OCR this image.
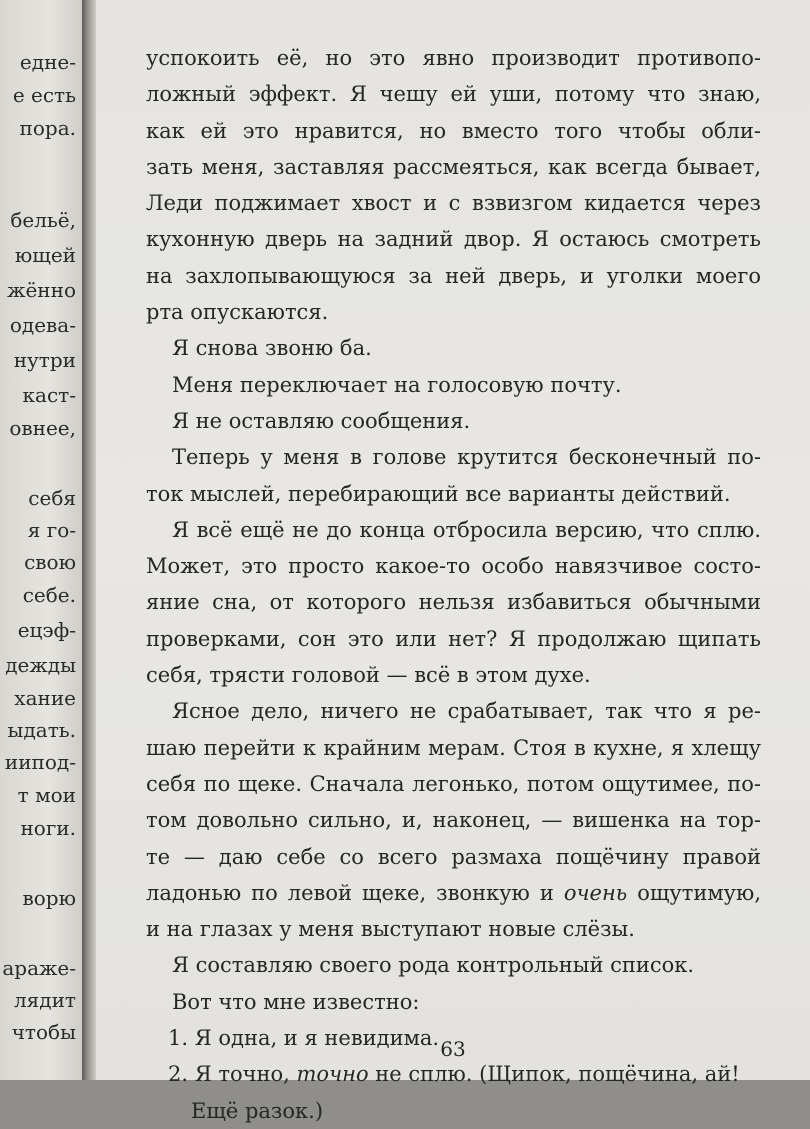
едне-
е есть
пора.
бельё,
ющей
жённо
одева-
нутри
каст-
овнее,
себя
я го-
свою
себе.
ецэф-
дежды
хание
ыдать.
иипод-
т мои
ноги.
ворю
араже-
лядит
чтобы
успокоить её, но это явно производит противопо-
ложный эффект. Я чешу ей уши, потому что знаю,
как ей это нравится, но вместо того чтобы обли-
зать меня, заставляя рассмеяться, как всегда бывает,
Леди поджимает хвост и с взвизгом кидается через
кухонную дверь на задний двор. Я остаюсь смотреть
на захлопывающуюся за ней дверь, и уголки моего
рта опускаются.
Я снова звоню ба.
Меня переключает на голосовую почту.
Я не оставляю сообщения.
Теперь у меня в голове крутится бесконечный по-
ток мыслей, перебирающий все варианты действий.
Я всё ещё не до конца отбросила версию, что сплю.
Может, это просто какое-то особо навязчивое состо-
яние сна, от которого нельзя избавиться обычными
проверками, сон это или нет? Я продолжаю щипать
себя, трясти головой — всё в этом духе.
Ясное дело, ничего не срабатывает, так что я ре-
шаю перейти к крайним мерам. Стоя в кухне, я хлещу
себя по щеке. Сначала легонько, потом ощутимее, по-
том довольно сильно, и, наконец, — вишенка на тор-
те — даю себе со всего размаха пощёчину правой
ладонью по левой щеке, звонкую и очень ощутимую,
и на глазах у меня выступают новые слёзы.
Я составляю своего рода контрольный список.
Вот что мне известно:
1. Я одна, и я невидима.
2. Я точно, точно не сплю. (Щипок, пощёчина, ай!
Ещё разок.)
63
